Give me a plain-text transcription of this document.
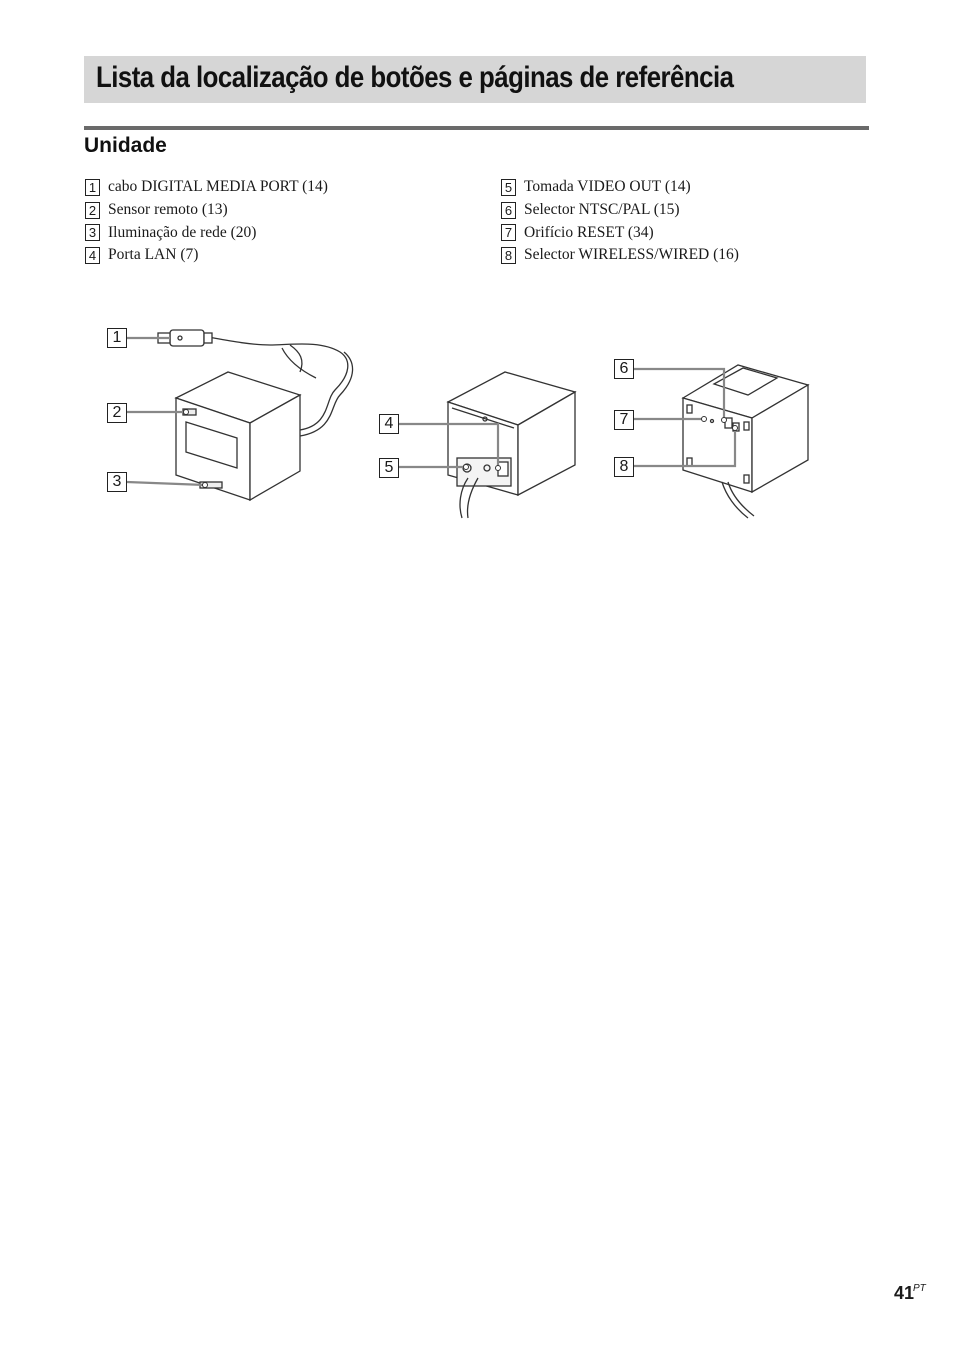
Lista da localização de botões e páginas de referência
Unidade
1 cabo DIGITAL MEDIA PORT (14)
2 Sensor remoto (13)
3 Iluminação de rede (20)
4 Porta LAN (7)
5 Tomada VIDEO OUT (14)
6 Selector NTSC/PAL (15)
7 Orifício RESET (34)
8 Selector WIRELESS/WIRED (16)
1
2
3
4
5
6
7
8
41
PT
